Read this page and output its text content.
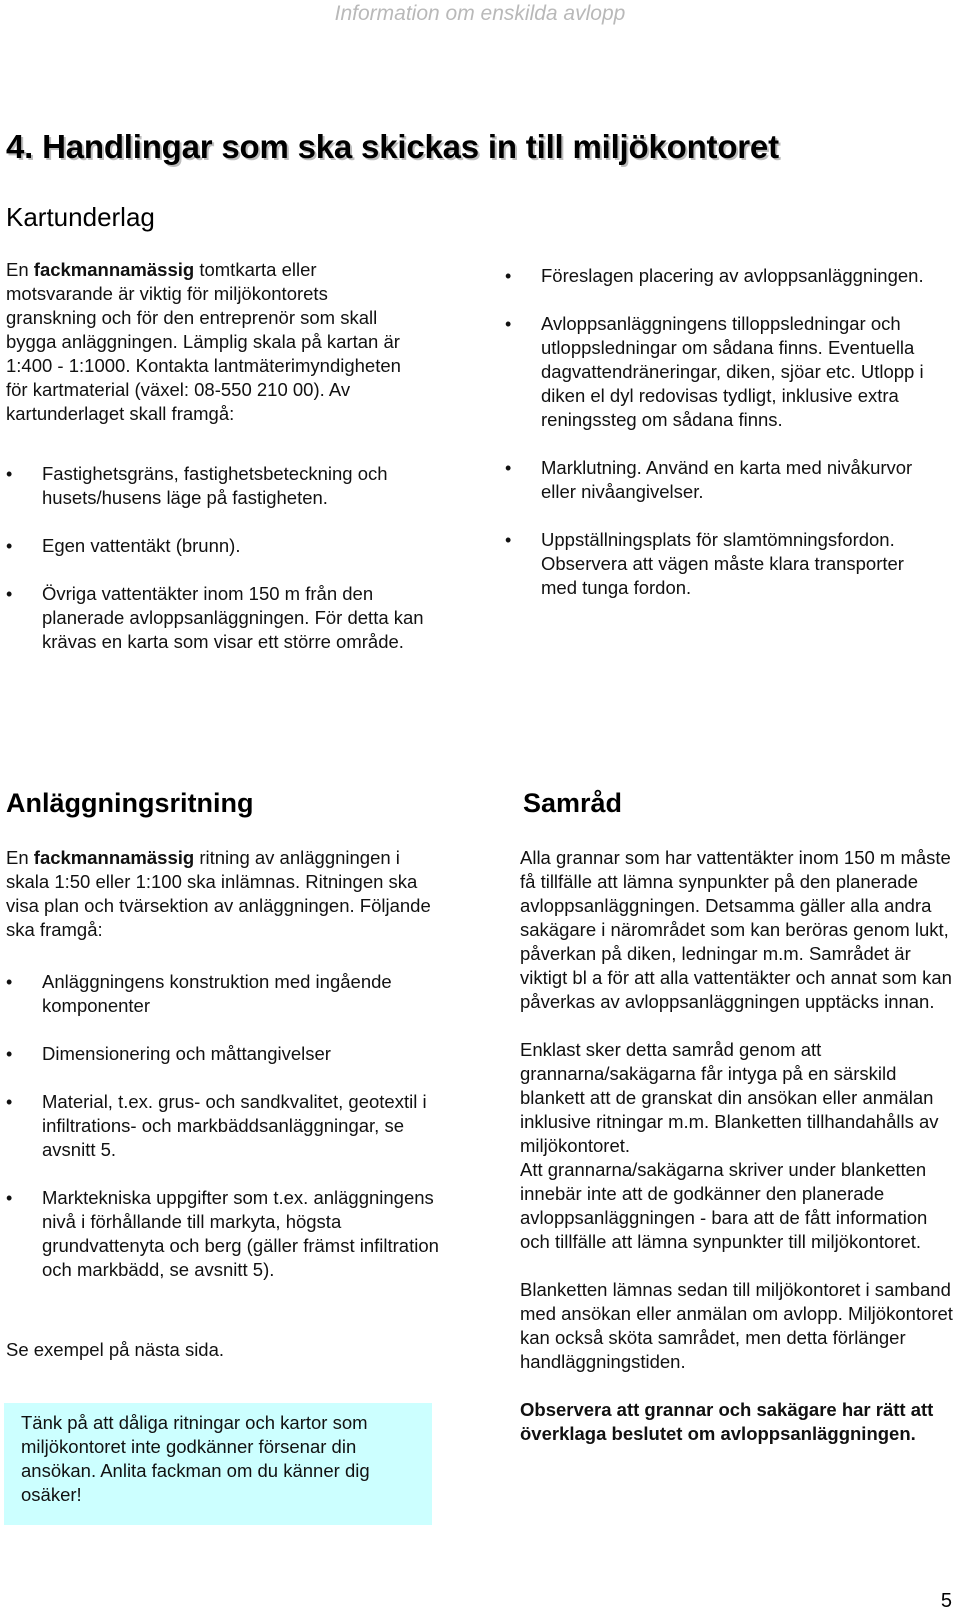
Information om enskilda avlopp
4. Handlingar som ska skickas in till miljökontoret
Kartunderlag

En fackmannamässig tomtkarta eller motsvarande är viktig för miljökontorets granskning och för den entreprenör som skall bygga anläggningen. Lämplig skala på kartan är 1:400 - 1:1000. Kontakta lantmäterimyndigheten för kartmaterial (växel: 08-550 210 00). Av kartunderlaget skall framgå:

• Fastighetsgräns, fastighetsbeteckning och husets/husens läge på fastigheten.
• Egen vattentäkt (brunn).
• Övriga vattentäkter inom 150 m från den planerade avloppsanläggningen. För detta kan krävas en karta som visar ett större område.
• Föreslagen placering av avloppsanläggningen.
• Avloppsanläggningens tilloppsledningar och utloppsledningar om sådana finns. Eventuella dagvattendräneringar, diken, sjöar etc. Utlopp i diken el dyl redovisas tydligt, inklusive extra reningssteg om sådana finns.
• Marklutning. Använd en karta med nivåkurvor eller nivåangivelser.
• Uppställningsplats för slamtömningsfordon. Observera att vägen måste klara transporter med tunga fordon.
Anläggningsritning

En fackmannamässig ritning av anläggningen i skala 1:50 eller 1:100 ska inlämnas. Ritningen ska visa plan och tvärsektion av anläggningen. Följande ska framgå:

• Anläggningens konstruktion med ingående komponenter
• Dimensionering och måttangivelser
• Material, t.ex. grus- och sandkvalitet, geotextil i infiltrations- och markbäddsanläggningar, se avsnitt 5.
• Marktekniska uppgifter som t.ex. anläggningens nivå i förhållande till markyta, högsta grundvattenyta och berg (gäller främst infiltration och markbädd, se avsnitt 5).

Se exempel på nästa sida.

Tänk på att dåliga ritningar och kartor som miljökontoret inte godkänner försenar din ansökan. Anlita fackman om du känner dig osäker!

Samråd

Alla grannar som har vattentäkter inom 150 m måste få tillfälle att lämna synpunkter på den planerade avloppsanläggningen. Detsamma gäller alla andra sakägare i närområdet som kan beröras genom lukt, påverkan på diken, ledningar m.m. Samrådet är viktigt bl a för att alla vattentäkter och annat som kan påverkas av avloppsanläggningen upptäcks innan.

Enklast sker detta samråd genom att grannarna/sakägarna får intyga på en särskild blankett att de granskat din ansökan eller anmälan inklusive ritningar m.m. Blanketten tillhandahålls av miljökontoret.

Att grannarna/sakägarna skriver under blanketten innebär inte att de godkänner den planerade avloppsanläggningen - bara att de fått information och tillfälle att lämna synpunkter till miljökontoret.

Blanketten lämnas sedan till miljökontoret i samband med ansökan eller anmälan om avlopp. Miljökontoret kan också sköta samrådet, men detta förlänger handläggningstiden.

Observera att grannar och sakägare har rätt att överklaga beslutet om avloppsanläggningen.

5
